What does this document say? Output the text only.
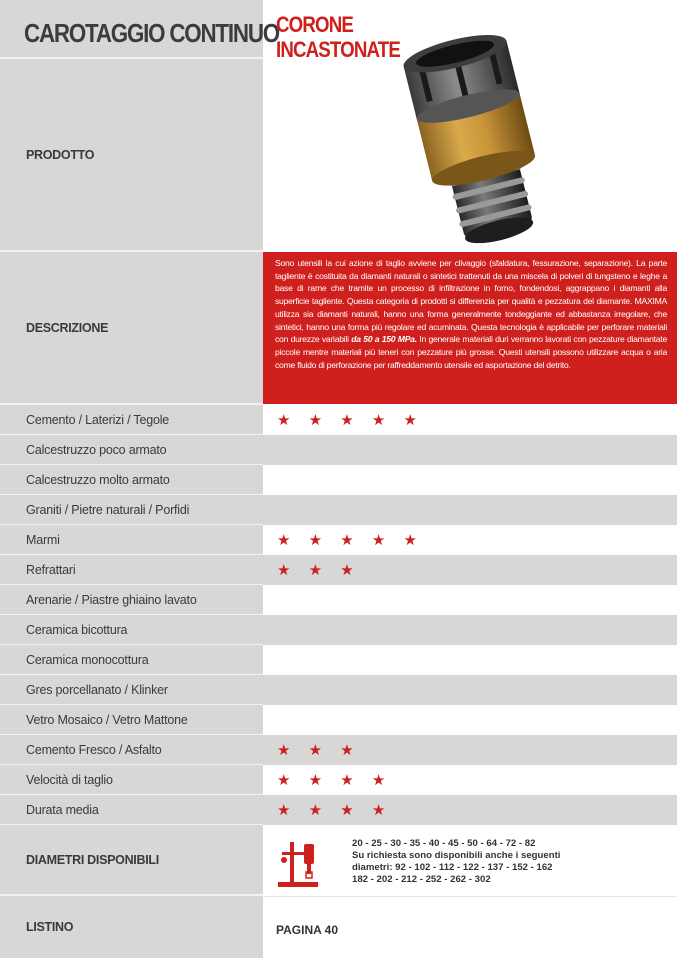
CAROTAGGIO CONTINUO
PRODOTTO
DESCRIZIONE
Cemento / Laterizi / Tegole
Calcestruzzo poco armato
Calcestruzzo molto armato
Graniti / Pietre naturali / Porfidi
Marmi
Refrattari
Arenarie / Piastre ghiaino lavato
Ceramica bicottura
Ceramica monocottura
Gres porcellanato / Klinker
Vetro Mosaico / Vetro Mattone
Cemento Fresco / Asfalto
Velocità di taglio
Durata media
DIAMETRI DISPONIBILI
LISTINO
CORONE
INCASTONATE
Sono utensili la cui azione di taglio avviene per clivaggio (sfaldatura, fessurazione, separazione). La parte tagliente è costituita da diamanti naturali o sintetici trattenuti da una miscela di polveri di tungsteno e leghe a base di rame che tramite un processo di infiltrazione in forno, fondendosi, aggrappano i diamanti alla superficie tagliente. Questa categoria di prodotti si differenzia per qualità e pezzatura del diamante. MAXIMA utilizza sia diamanti naturali, hanno una forma generalmente tondeggiante ed abbastanza irregolare, che sintetici, hanno una forma più regolare ed acuminata. Questa tecnologia è applicabile per perforare materiali con durezze variabili da 50 a 150 MPa. In generale materiali duri verranno lavorati con pezzature diamantate piccole mentre materiali più teneri con pezzature più grosse. Questi utensili possono utilizzare acqua o aria come fluido di perforazione per raffreddamento utensile ed asportazione del detrito.
★ ★ ★ ★ ★
★ ★ ★ ★ ★
★ ★ ★
★ ★ ★
★ ★ ★ ★
★ ★ ★ ★
20 - 25 - 30 - 35 - 40 - 45 - 50 - 64 - 72 - 82
Su richiesta sono disponibili anche i seguenti
diametri: 92 - 102 - 112 - 122 - 137 - 152 - 162
182 - 202 - 212 - 252 - 262 - 302
PAGINA 40
